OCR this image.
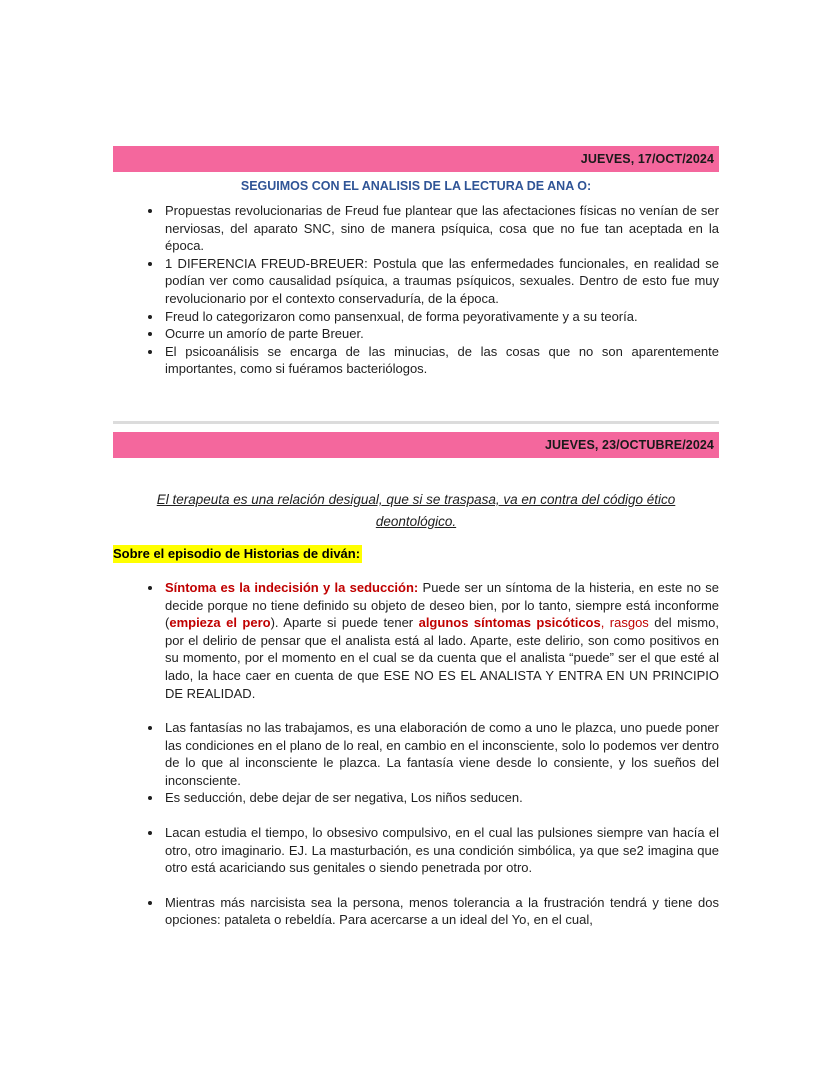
JUEVES, 17/OCT/2024
SEGUIMOS CON EL ANALISIS DE LA LECTURA DE ANA O:
• Propuestas revolucionarias de Freud fue plantear que las afectaciones físicas no venían de ser nerviosas, del aparato SNC, sino de manera psíquica, cosa que no fue tan aceptada en la época.
• 1 DIFERENCIA FREUD-BREUER: Postula que las enfermedades funcionales, en realidad se podían ver como causalidad psíquica, a traumas psíquicos, sexuales. Dentro de esto fue muy revolucionario por el contexto conservaduría, de la época.
• Freud lo categorizaron como pansenxual, de forma peyorativamente y a su teoría.
• Ocurre un amorío de parte Breuer.
• El psicoanálisis se encarga de las minucias, de las cosas que no son aparentemente importantes, como si fuéramos bacteriólogos.
JUEVES, 23/OCTUBRE/2024
El terapeuta es una relación desigual, que si se traspasa, va en contra del código ético
deontológico.
Sobre el episodio de Historias de diván:
• Síntoma es la indecisión y la seducción: Puede ser un síntoma de la histeria, en este no se decide porque no tiene definido su objeto de deseo bien, por lo tanto, siempre está inconforme (empieza el pero). Aparte si puede tener algunos síntomas psicóticos, rasgos del mismo, por el delirio de pensar que el analista está al lado. Aparte, este delirio, son como positivos en su momento, por el momento en el cual se da cuenta que el analista “puede” ser el que esté al lado, la hace caer en cuenta de que ESE NO ES EL ANALISTA Y ENTRA EN UN PRINCIPIO DE REALIDAD.
• Las fantasías no las trabajamos, es una elaboración de como a uno le plazca, uno puede poner las condiciones en el plano de lo real, en cambio en el inconsciente, solo lo podemos ver dentro de lo que al inconsciente le plazca. La fantasía viene desde lo consiente, y los sueños del inconsciente.
• Es seducción, debe dejar de ser negativa, Los niños seducen.
• Lacan estudia el tiempo, lo obsesivo compulsivo, en el cual las pulsiones siempre van hacía el otro, otro imaginario. EJ. La masturbación, es una condición simbólica, ya que se2 imagina que otro está acariciando sus genitales o siendo penetrada por otro.
• Mientras más narcisista sea la persona, menos tolerancia a la frustración tendrá y tiene dos opciones: pataleta o rebeldía. Para acercarse a un ideal del Yo, en el cual,
